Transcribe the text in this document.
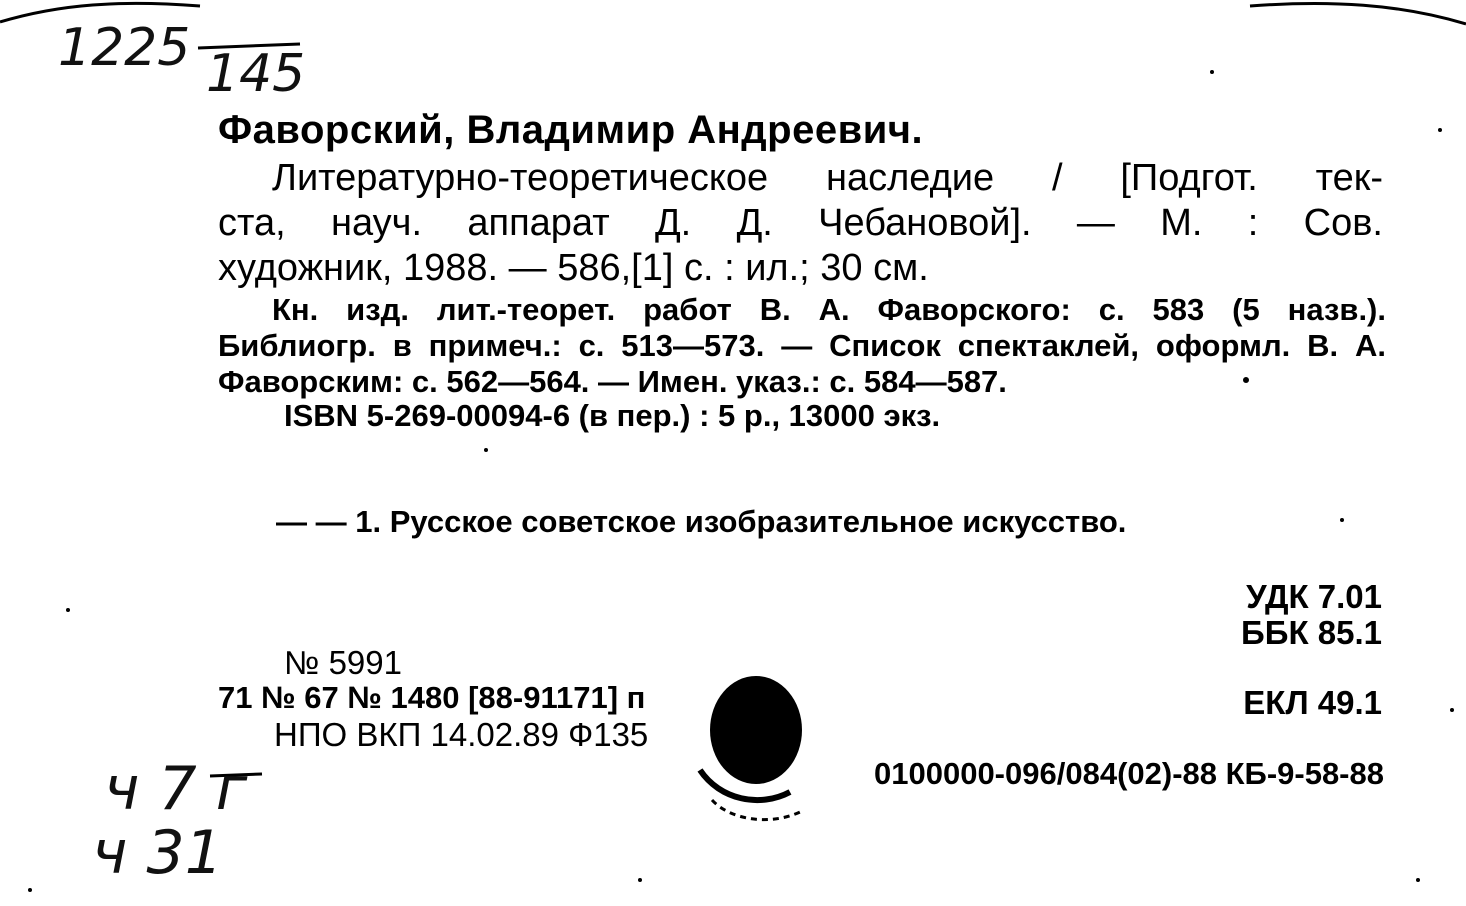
1225 145
Фаворский, Владимир Андреевич.
Литературно-теоретическое наследие / [Подгот. тек-
ста, науч. аппарат Д. Д. Чебановой]. — М. : Сов.
художник, 1988. — 586,[1] с. : ил.; 30 см.
Кн. изд. лит.-теорет. работ В. А. Фаворского: с. 583 (5 назв.).
Библиогр. в примеч.: с. 513—573. — Список спектаклей, оформл. В. А.
Фаворским: с. 562—564. — Имен. указ.: с. 584—587.
ISBN 5-269-00094-6 (в пер.) : 5 р., 13000 экз.
— — 1. Русское советское изобразительное искусство.
УДК 7.01
ББК 85.1
ЕКЛ 49.1
№ 5991
71 № 67 № 1480 [88-91171] п
НПО ВКП 14.02.89 Ф135
0100000-096/084(02)-88 КБ-9-58-88
ч 7 г
ч 31
